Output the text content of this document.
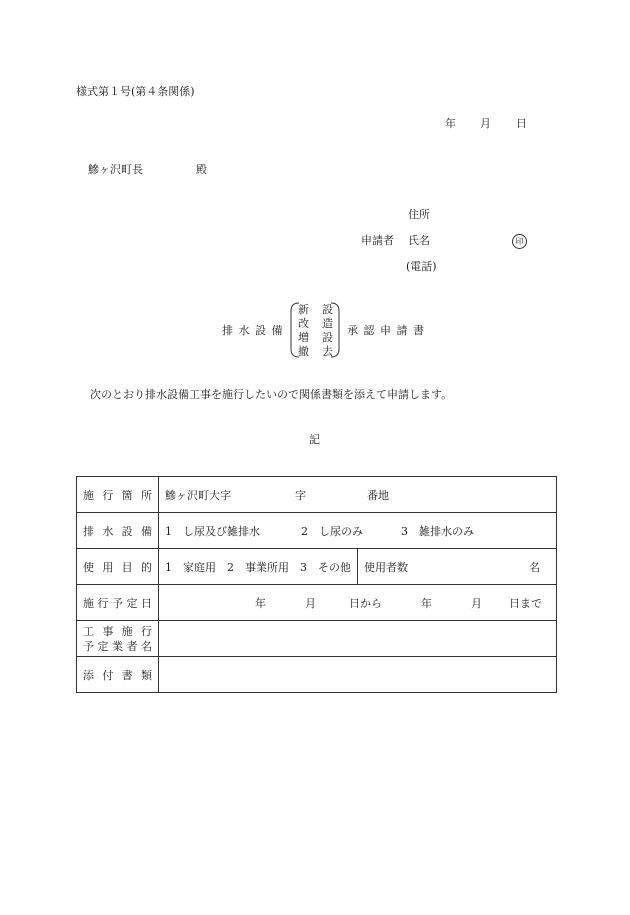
様式第１号(第４条関係)
年 月 日
鰺ヶ沢町長	殿
住所
申請者 氏名	印
(電話)
排水設備
新
改
増
撤
設
造
設
去
承認申請書
次のとおり排水設備工事を施行したいので関係書類を添えて申請します。
記
施行箇所	鰺ヶ沢町大字 字 番地	
排水設備	1　し尿及び雑排水 2　し尿のみ 3　雑排水のみ	
使用目的	1　家庭用　2　事業所用　3　その他	使用者数 名

施行予定日	年 月 日から 年 月 日まで	

工事施行
予定業者名		

添付書類		
